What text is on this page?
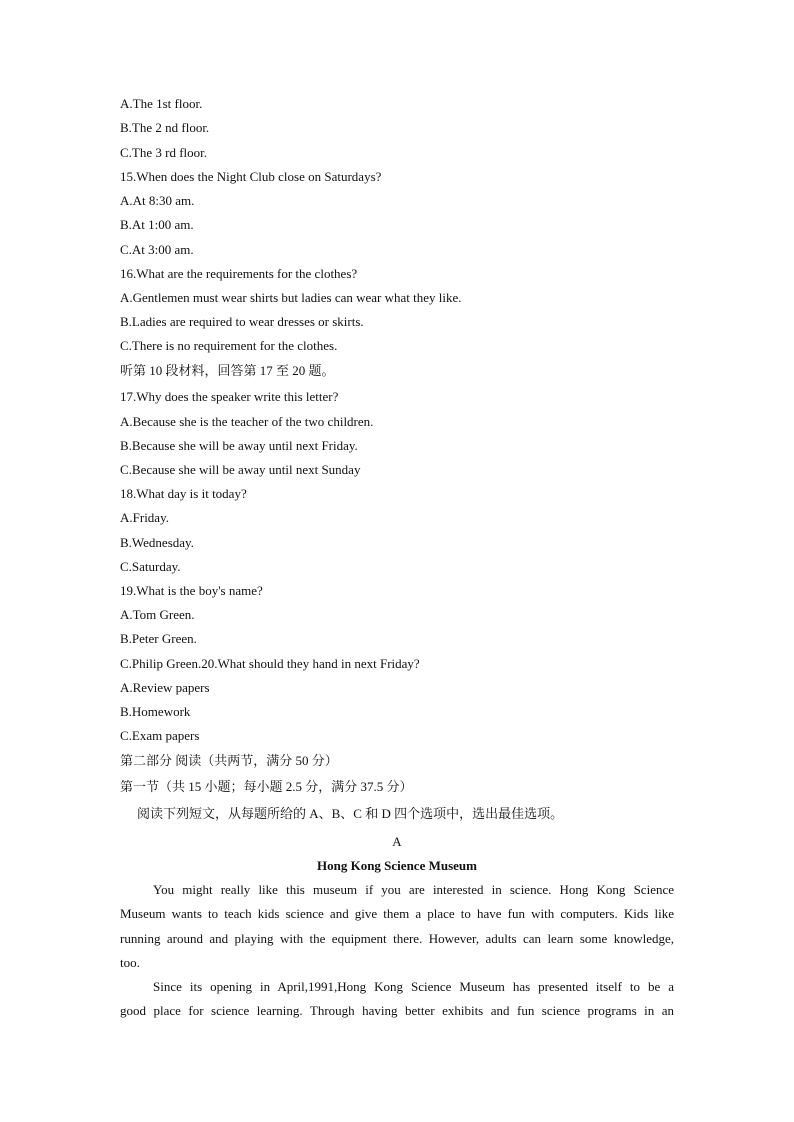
A.The 1st floor.
B.The 2 nd floor.
C.The 3 rd floor.
15.When does the Night Club close on Saturdays?
A.At 8:30 am.
B.At 1:00 am.
C.At 3:00 am.
16.What are the requirements for the clothes?
A.Gentlemen must wear shirts but ladies can wear what they like.
B.Ladies are required to wear dresses or skirts.
C.There is no requirement for the clothes.
听第 10 段材料，回答第 17 至 20 题。
17.Why does the speaker write this letter?
A.Because she is the teacher of the two children.
B.Because she will be away until next Friday.
C.Because she will be away until next Sunday
18.What day is it today?
A.Friday.
B.Wednesday.
C.Saturday.
19.What is the boy's name?
A.Tom Green.
B.Peter Green.
C.Philip Green.20.What should they hand in next Friday?
A.Review papers
B.Homework
C.Exam papers
第二部分 阅读（共两节，满分 50 分）
第一节（共 15 小题；每小题 2.5 分，满分 37.5 分）
阅读下列短文，从每题所给的 A、B、C 和 D 四个选项中，选出最佳选项。
A
Hong Kong Science Museum
You might really like this museum if you are interested in science. Hong Kong Science
Museum wants to teach kids science and give them a place to have fun with computers. Kids like
running around and playing with the equipment there. However, adults can learn some knowledge,
too.
Since its opening in April,1991,Hong Kong Science Museum has presented itself to be a
good place for science learning. Through having better exhibits and fun science programs in an
